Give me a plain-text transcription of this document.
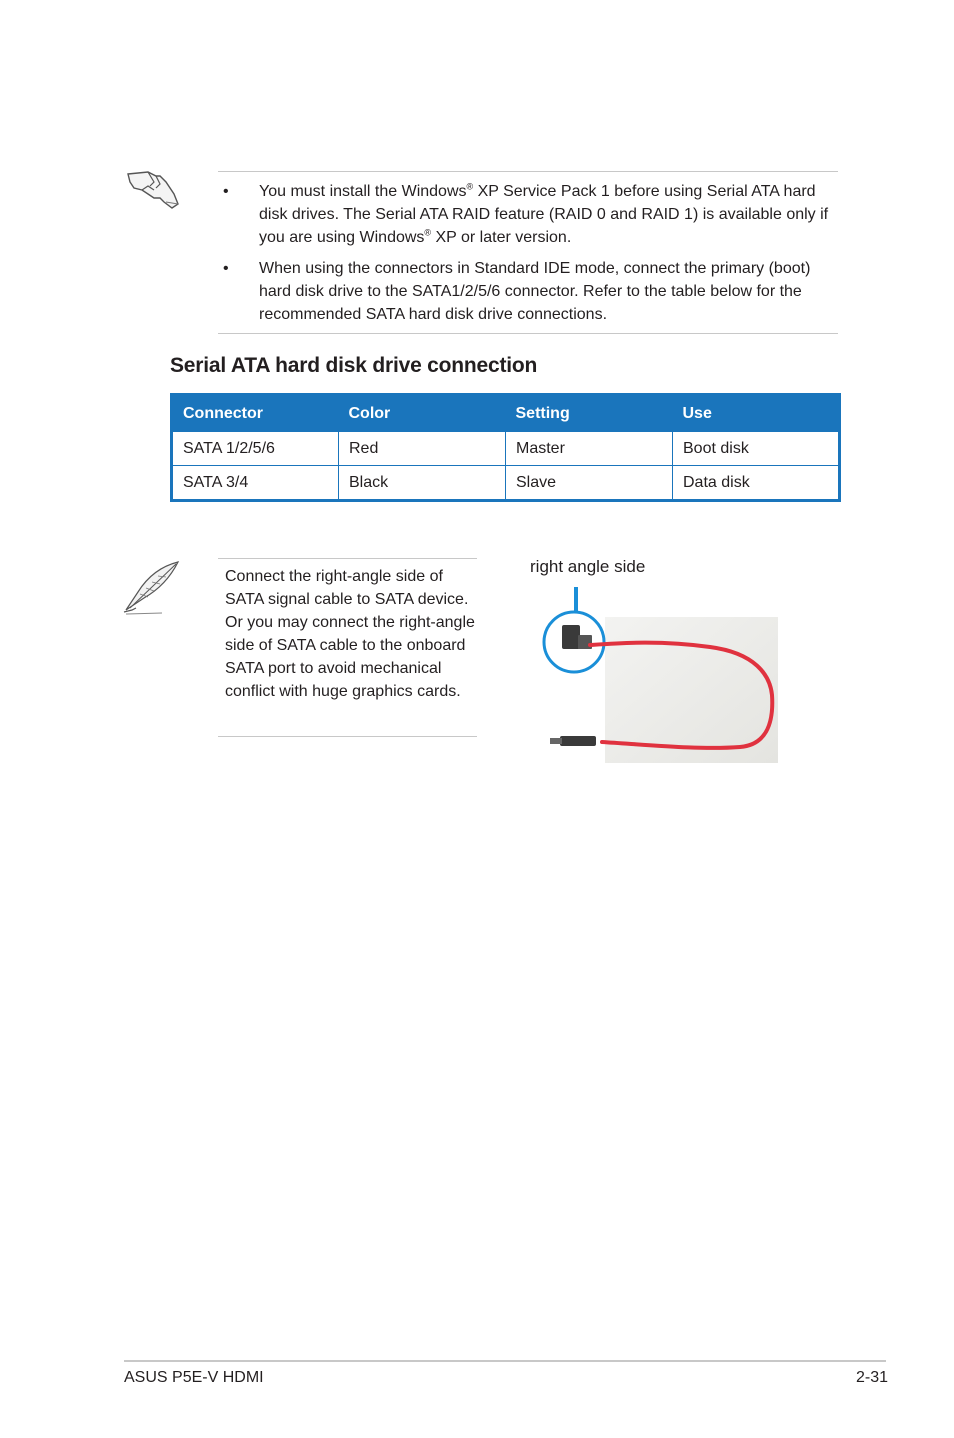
•	You must install the Windows® XP Service Pack 1 before using Serial ATA hard disk drives. The Serial ATA RAID feature (RAID 0 and RAID 1) is available only if you are using Windows® XP or later version.
•	When using the connectors in Standard IDE mode, connect the primary (boot) hard disk drive to the SATA1/2/5/6 connector. Refer to the table below for the recommended SATA hard disk drive connections.
Serial ATA hard disk drive connection
Connector	Color	Setting	Use
SATA 1/2/5/6	Red	Master	Boot disk
SATA 3/4	Black	Slave	Data disk
Connect the right-angle side of SATA signal cable to SATA device. Or you may connect the right-angle side of SATA cable to the onboard SATA port to avoid mechanical conflict with huge graphics cards.
right angle side
ASUS P5E-V HDMI	2-31
